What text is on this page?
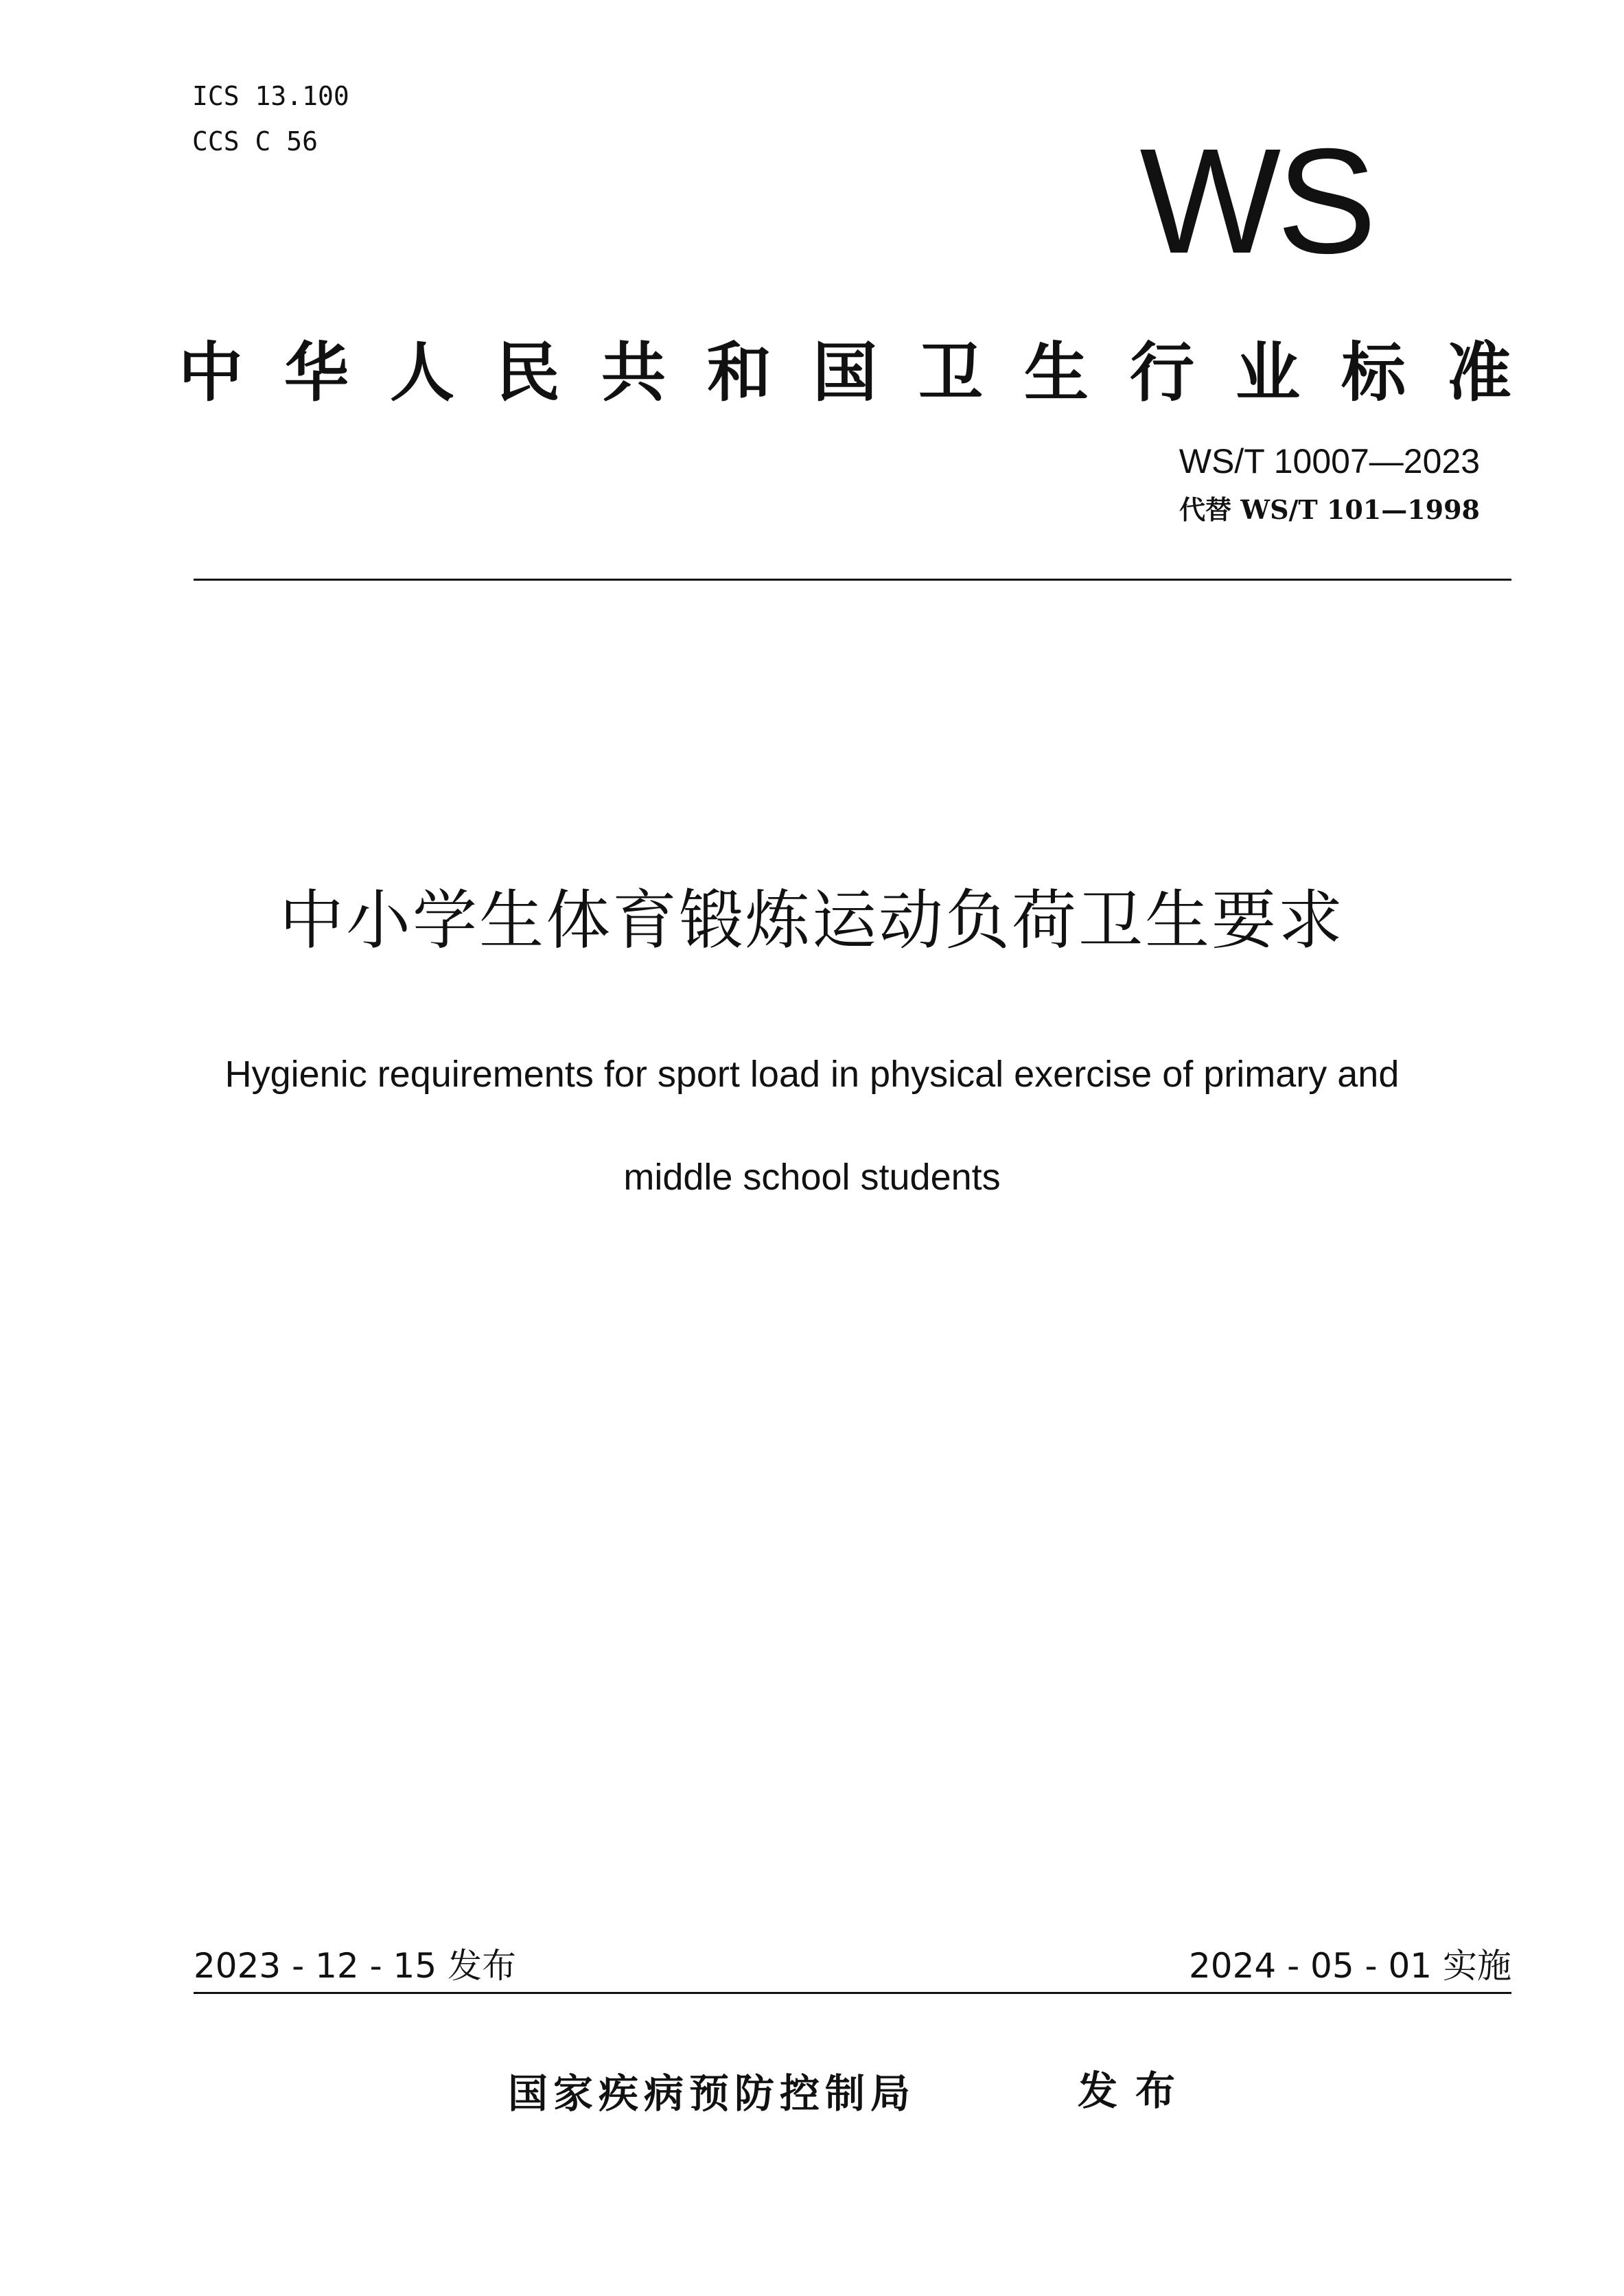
ICS 13.100
CCS C 56	WS
中华人民共和国卫生行业标准
WS/T 10007—2023
代替 WS/T 101—1998
中小学生体育锻炼运动负荷卫生要求
Hygienic requirements for sport load in physical exercise of primary and
middle school students
2023 - 12 - 15 发布	2024 - 05 - 01 实施
国家疾病预防控制局	发布
